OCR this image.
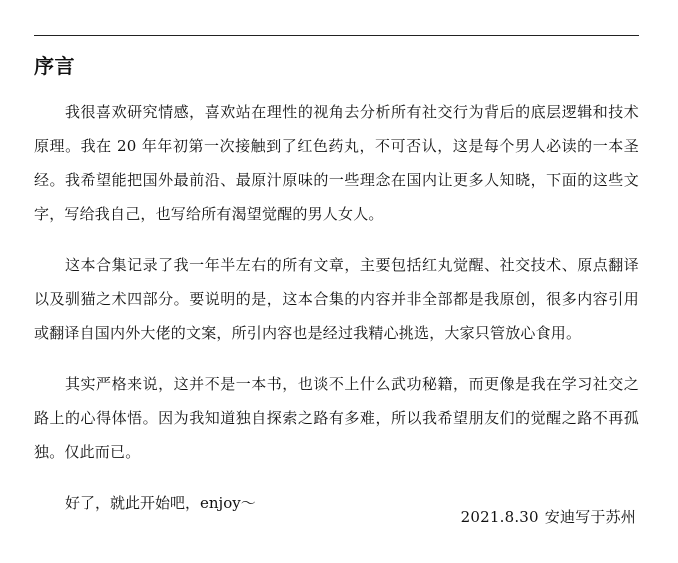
序言

我很喜欢研究情感，喜欢站在理性的视角去分析所有社交行为背后的底层逻辑和技术原理。我在 20 年年初第一次接触到了红色药丸，不可否认，这是每个男人必读的一本圣经。我希望能把国外最前沿、最原汁原味的一些理念在国内让更多人知晓，下面的这些文字，写给我自己，也写给所有渴望觉醒的男人女人。

这本合集记录了我一年半左右的所有文章，主要包括红丸觉醒、社交技术、原点翻译以及驯猫之术四部分。要说明的是，这本合集的内容并非全部都是我原创，很多内容引用或翻译自国内外大佬的文案，所引内容也是经过我精心挑选，大家只管放心食用。

其实严格来说，这并不是一本书，也谈不上什么武功秘籍，而更像是我在学习社交之路上的心得体悟。因为我知道独自探索之路有多难，所以我希望朋友们的觉醒之路不再孤独。仅此而已。

好了，就此开始吧，enjoy～

2021.8.30 安迪写于苏州
